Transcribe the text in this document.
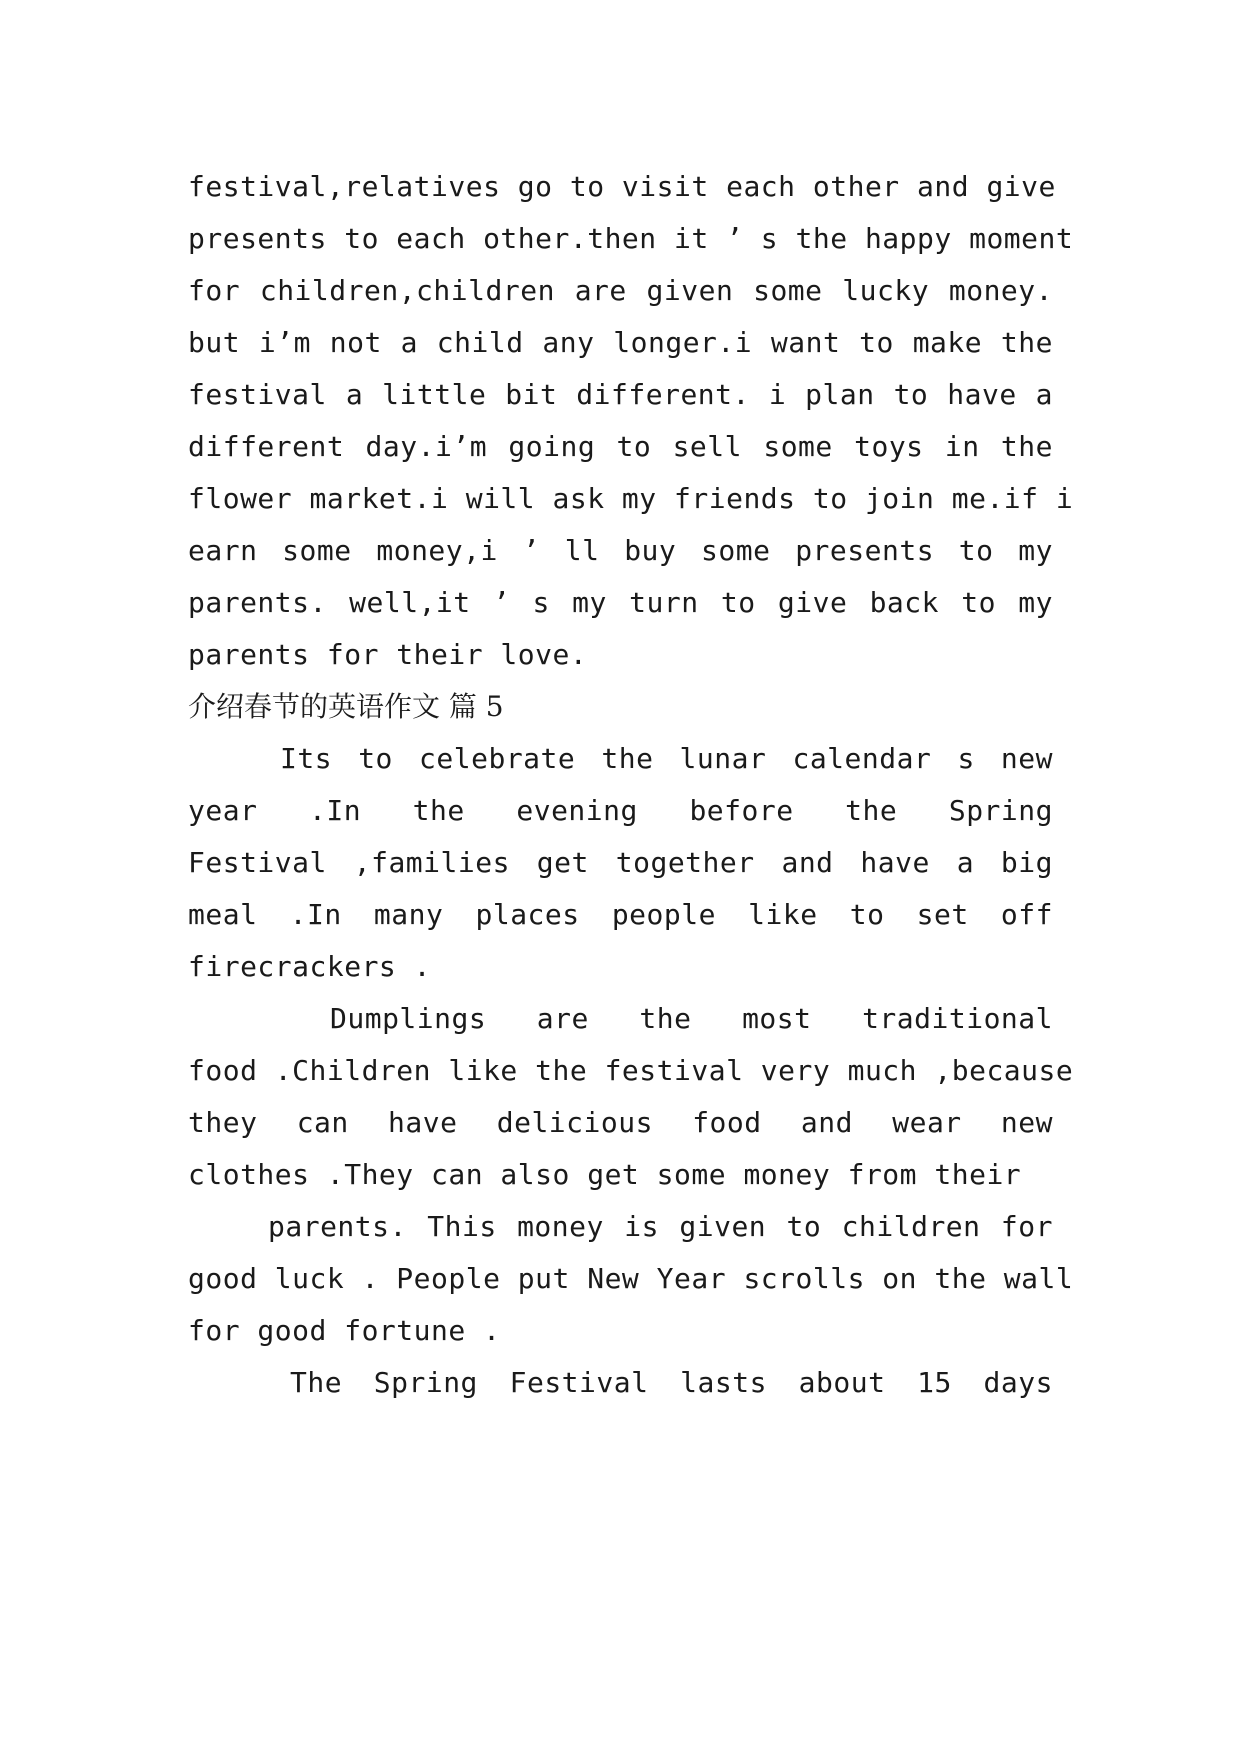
festival,relatives go to visit each other and give
presents to each other.then it ’ s the happy moment
for children,children are given some lucky money.
but i’m not a child any longer.i want to make the
festival a little bit different. i plan to have a
different day.i’m going to sell some toys in the
flower market.i will ask my friends to join me.if i
earn some money,i ’ ll buy some presents to my
parents. well,it ’ s my turn to give back to my
parents for their love.
介绍春节的英语作文 篇 5
Its to celebrate the lunar calendar s new
year .In the evening before the Spring
Festival ,families get together and have a big
meal .In many places people like to set off
firecrackers .
Dumplings are the most traditional
food .Children like the festival very much ,because
they can have delicious food and wear new
clothes .They can also get some money from their
parents. This money is given to children for
good luck . People put New Year scrolls on the wall
for good fortune .
The Spring Festival lasts about 15 days
